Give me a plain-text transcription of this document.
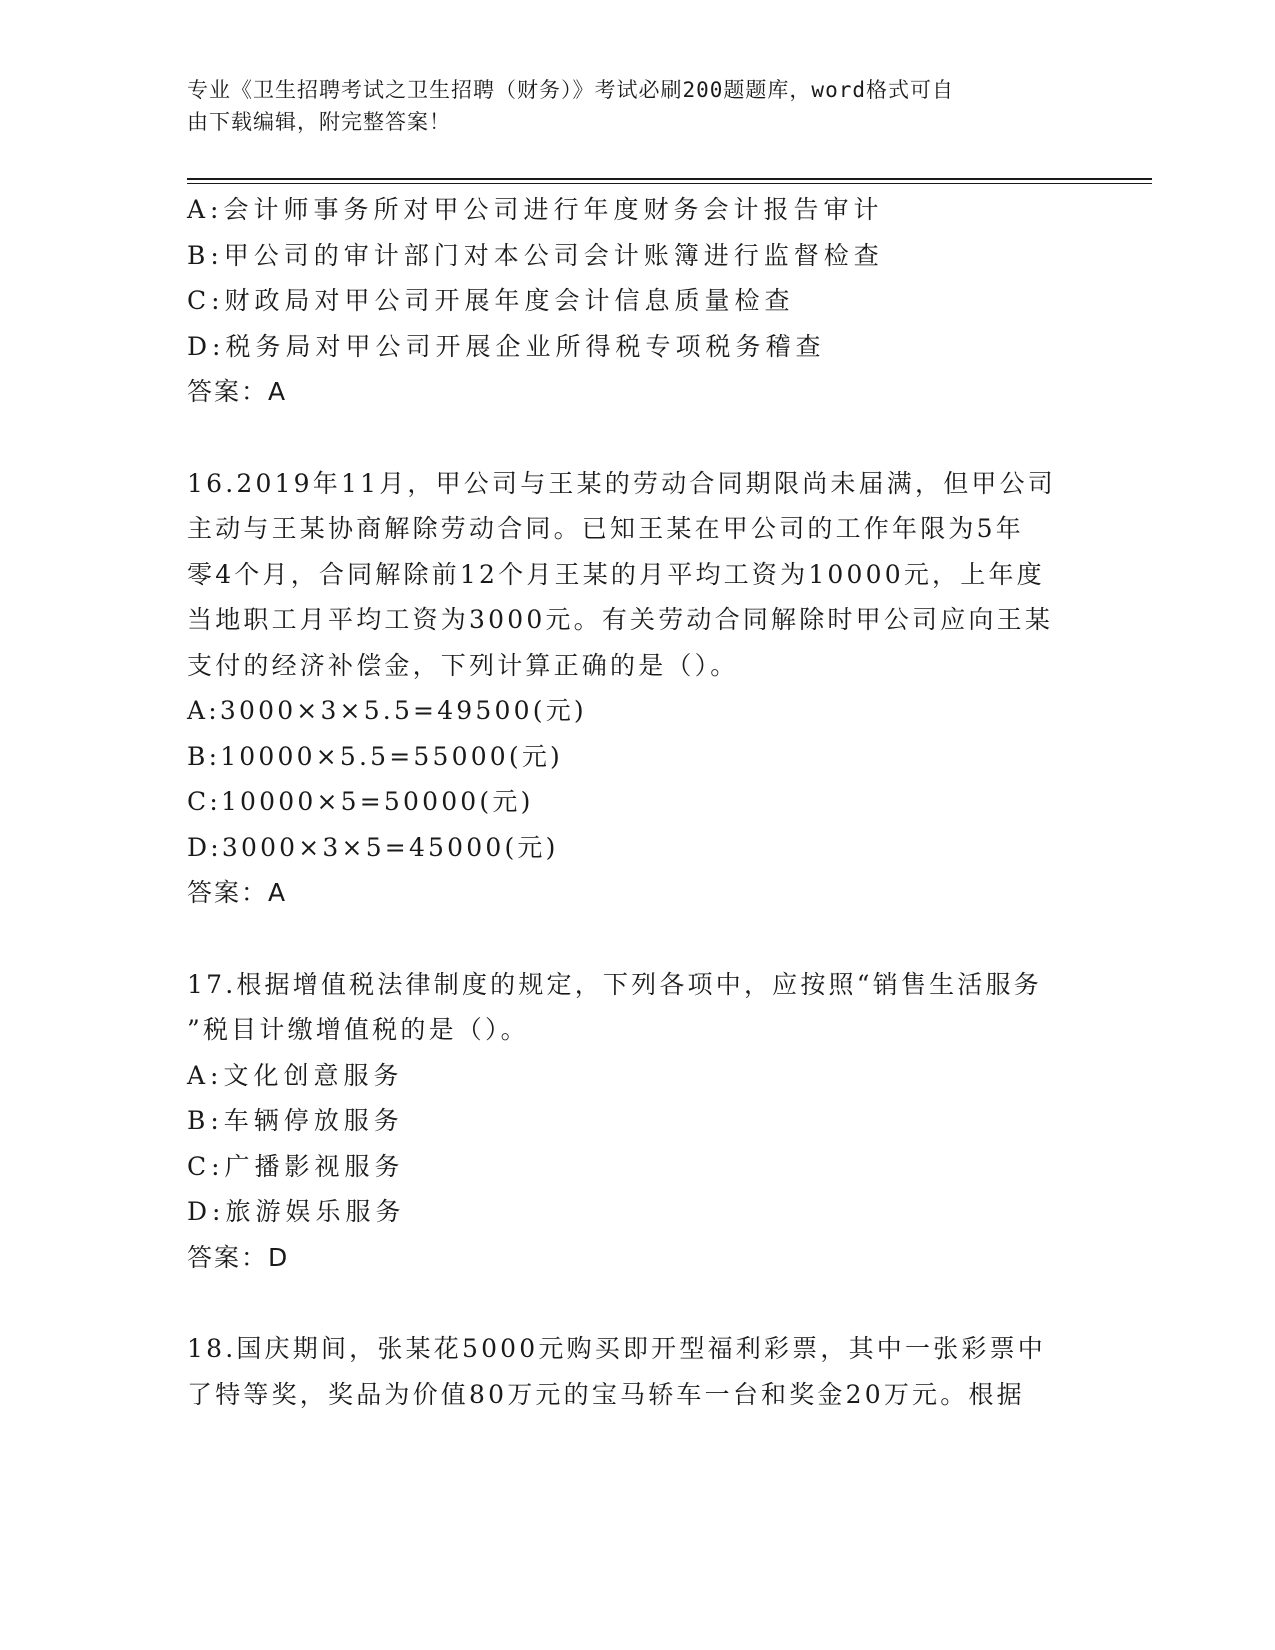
专业《卫生招聘考试之卫生招聘（财务）》考试必刷200题题库，word格式可自
由下载编辑，附完整答案！
A:会计师事务所对甲公司进行年度财务会计报告审计
B:甲公司的审计部门对本公司会计账簿进行监督检查
C:财政局对甲公司开展年度会计信息质量检查
D:税务局对甲公司开展企业所得税专项税务稽查
答案：A
16.2019年11月，甲公司与王某的劳动合同期限尚未届满，但甲公司
主动与王某协商解除劳动合同。已知王某在甲公司的工作年限为5年
零4个月，合同解除前12个月王某的月平均工资为10000元，上年度
当地职工月平均工资为3000元。有关劳动合同解除时甲公司应向王某
支付的经济补偿金，下列计算正确的是（）。
A:3000×3×5.5=49500(元)
B:10000×5.5=55000(元)
C:10000×5=50000(元)
D:3000×3×5=45000(元)
答案：A
17.根据增值税法律制度的规定，下列各项中，应按照“销售生活服务
”税目计缴增值税的是（）。
A:文化创意服务
B:车辆停放服务
C:广播影视服务
D:旅游娱乐服务
答案：D
18.国庆期间，张某花5000元购买即开型福利彩票，其中一张彩票中
了特等奖，奖品为价值80万元的宝马轿车一台和奖金20万元。根据
